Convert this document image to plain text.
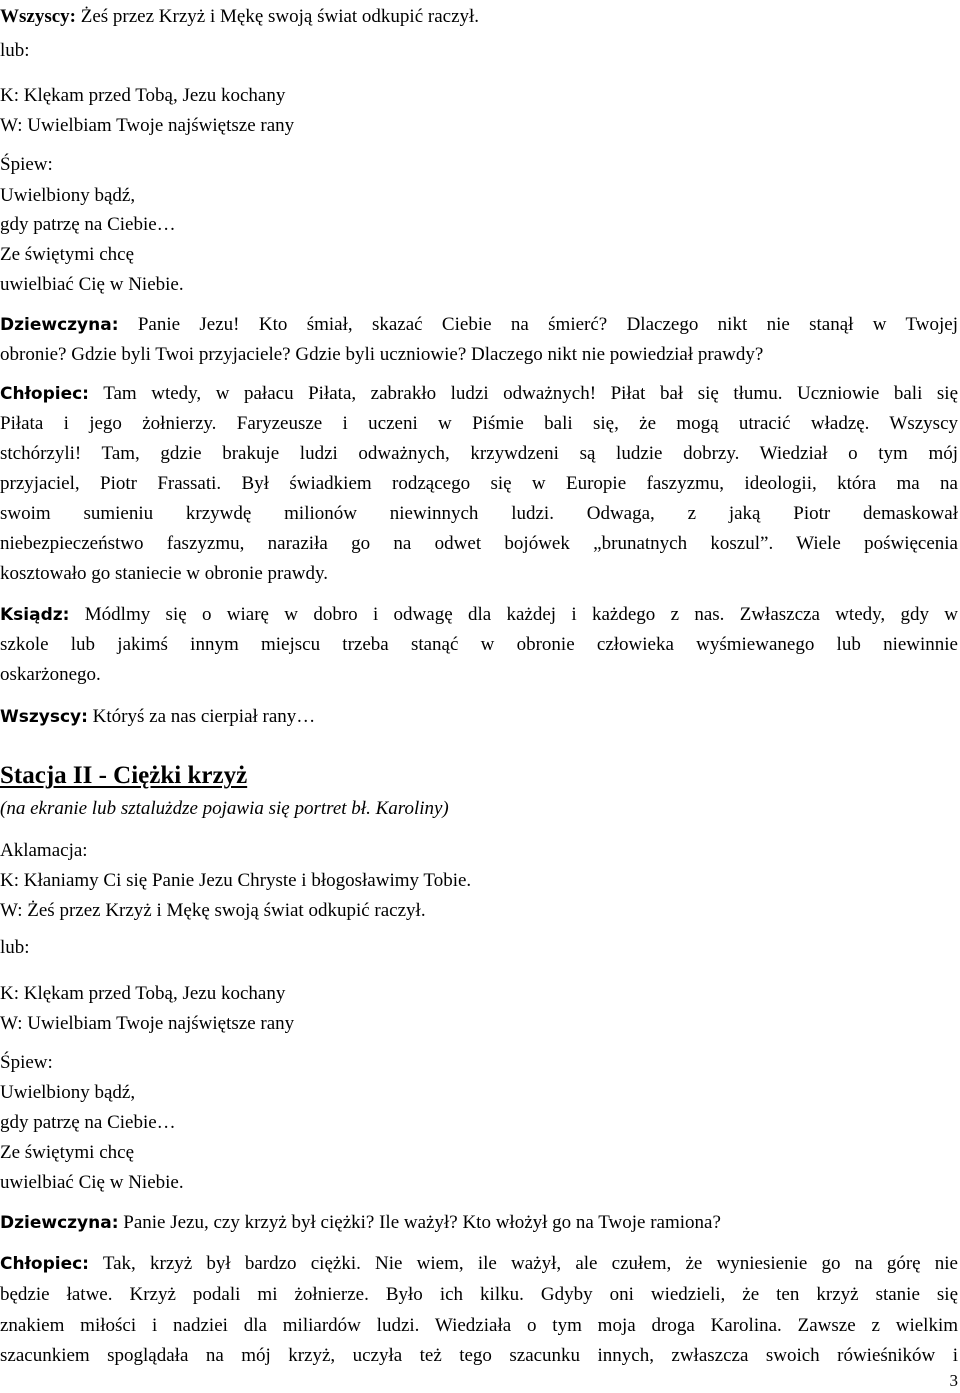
Wszyscy: Żeś przez Krzyż i Mękę swoją świat odkupić raczył.
lub:
K: Klękam przed Tobą, Jezu kochany
W: Uwielbiam Twoje najświętsze rany
Śpiew:
Uwielbiony bądź,
gdy patrzę na Ciebie…
Ze świętymi chcę
uwielbiać Cię w Niebie.
Dziewczyna: Panie Jezu! Kto śmiał, skazać Ciebie na śmierć? Dlaczego nikt nie stanął w Twojej
obronie? Gdzie byli Twoi przyjaciele? Gdzie byli uczniowie? Dlaczego nikt nie powiedział prawdy?
Chłopiec: Tam wtedy, w pałacu Piłata, zabrakło ludzi odważnych! Piłat bał się tłumu. Uczniowie bali się
Piłata i jego żołnierzy. Faryzeusze i uczeni w Piśmie bali się, że mogą utracić władzę. Wszyscy
stchórzyli! Tam, gdzie brakuje ludzi odważnych, krzywdzeni są ludzie dobrzy. Wiedział o tym mój
przyjaciel, Piotr Frassati. Był świadkiem rodzącego się w Europie faszyzmu, ideologii, która ma na
swoim sumieniu krzywdę milionów niewinnych ludzi. Odwaga, z jaką Piotr demaskował
niebezpieczeństwo faszyzmu, naraziła go na odwet bojówek „brunatnych koszul”. Wiele poświęcenia
kosztowało go staniecie w obronie prawdy.
Ksiądz: Módlmy się o wiarę w dobro i odwagę dla każdej i każdego z nas. Zwłaszcza wtedy, gdy w
szkole lub jakimś innym miejscu trzeba stanąć w obronie człowieka wyśmiewanego lub niewinnie
oskarżonego.
Wszyscy: Któryś za nas cierpiał rany…
Stacja II - Ciężki krzyż
(na ekranie lub sztalużdze pojawia się portret bł. Karoliny)
Aklamacja:
K: Kłaniamy Ci się Panie Jezu Chryste i błogosławimy Tobie.
W: Żeś przez Krzyż i Mękę swoją świat odkupić raczył.
lub:
K: Klękam przed Tobą, Jezu kochany
W: Uwielbiam Twoje najświętsze rany
Śpiew:
Uwielbiony bądź,
gdy patrzę na Ciebie…
Ze świętymi chcę
uwielbiać Cię w Niebie.
Dziewczyna: Panie Jezu, czy krzyż był ciężki? Ile ważył? Kto włożył go na Twoje ramiona?
Chłopiec: Tak, krzyż był bardzo ciężki. Nie wiem, ile ważył, ale czułem, że wyniesienie go na górę nie
będzie łatwe. Krzyż podali mi żołnierze. Było ich kilku. Gdyby oni wiedzieli, że ten krzyż stanie się
znakiem miłości i nadziei dla miliardów ludzi. Wiedziała o tym moja droga Karolina. Zawsze z wielkim
szacunkiem spoglądała na mój krzyż, uczyła też tego szacunku innych, zwłaszcza swoich rówieśników i
3
